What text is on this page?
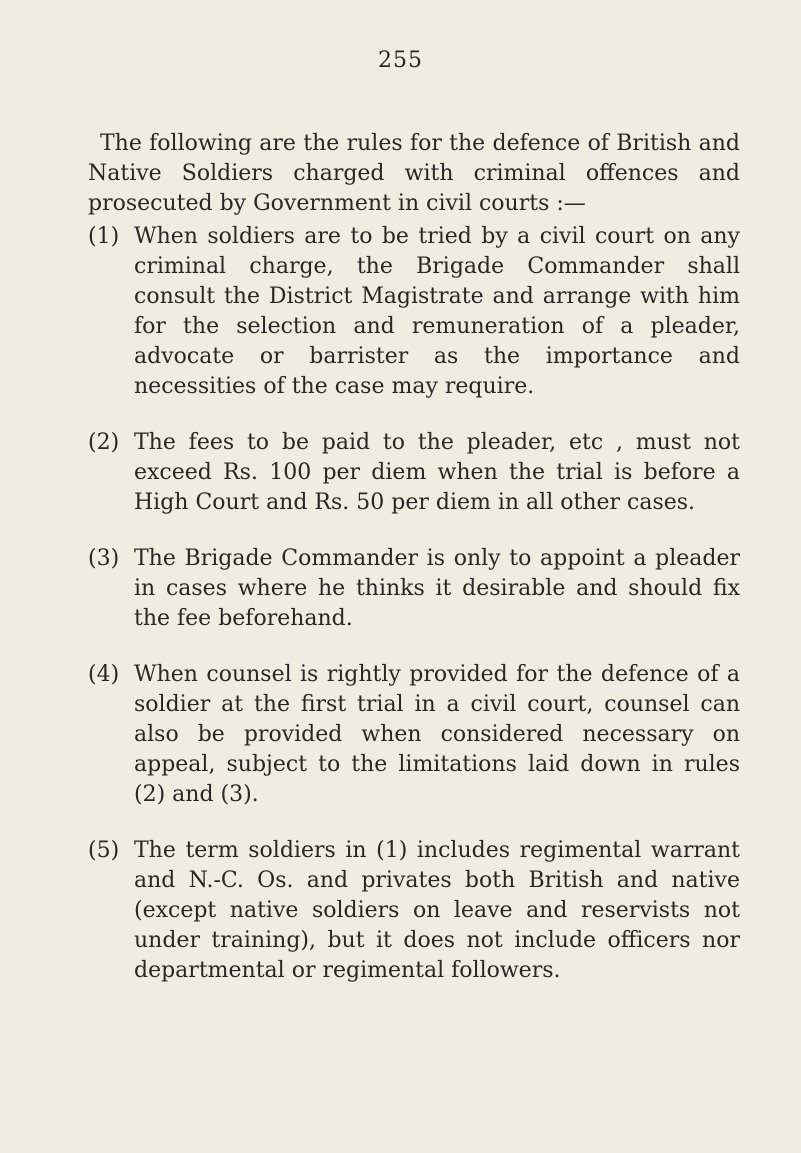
255

The following are the rules for the defence of British and Native Soldiers charged with criminal offences and prosecuted by Government in civil courts :—

(1) When soldiers are to be tried by a civil court on any criminal charge, the Brigade Commander shall consult the District Magistrate and arrange with him for the selection and remuneration of a pleader, advocate or barrister as the importance and necessities of the case may require.
(2) The fees to be paid to the pleader, etc , must not exceed Rs. 100 per diem when the trial is before a High Court and Rs. 50 per diem in all other cases.
(3) The Brigade Commander is only to appoint a pleader in cases where he thinks it desirable and should fix the fee beforehand.
(4) When counsel is rightly provided for the defence of a soldier at the first trial in a civil court, counsel can also be provided when considered necessary on appeal, subject to the limitations laid down in rules (2) and (3).
(5) The term soldiers in (1) includes regimental warrant and N.-C. Os. and privates both British and native (except native soldiers on leave and reservists not under training), but it does not include officers nor departmental or regimental followers.
